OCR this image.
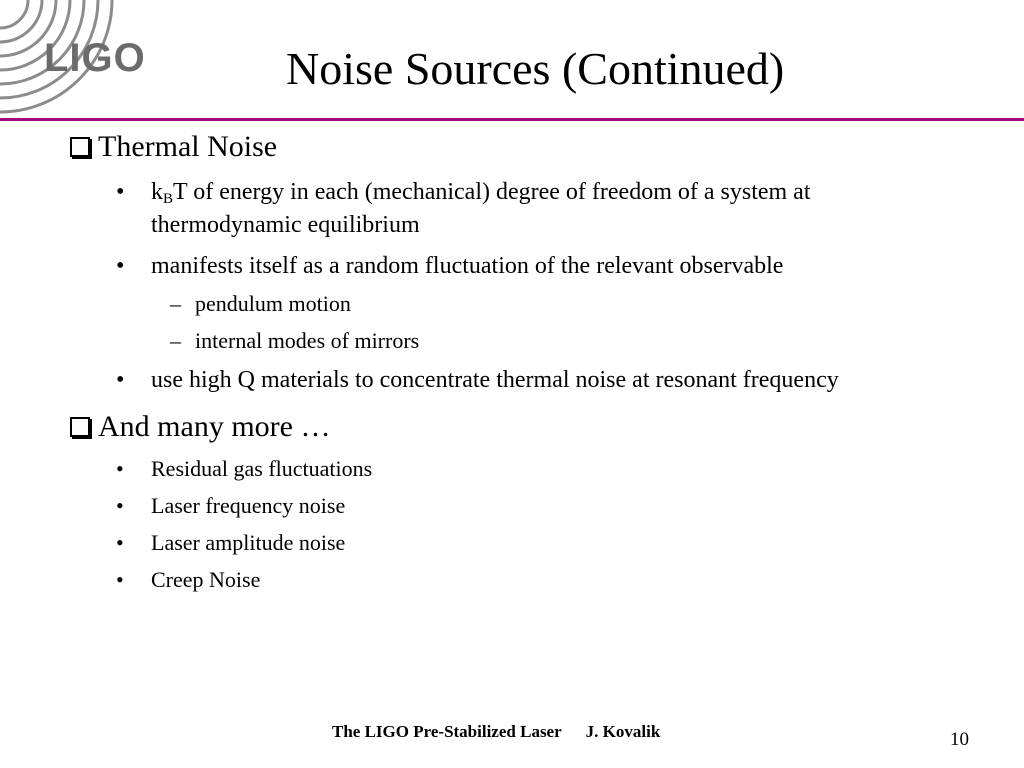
LIGO	Noise Sources (Continued)
Thermal Noise
• $k_BT$ of energy in each (mechanical) degree of freedom of a system at
thermodynamic equilibrium
• manifests itself as a random fluctuation of the relevant observable
– pendulum motion
– internal modes of mirrors
• use high Q materials to concentrate thermal noise at resonant frequency
And many more …
• Residual gas fluctuations
• Laser frequency noise
• Laser amplitude noise
• Creep Noise
The LIGO Pre-Stabilized Laser J. Kovalik	10
